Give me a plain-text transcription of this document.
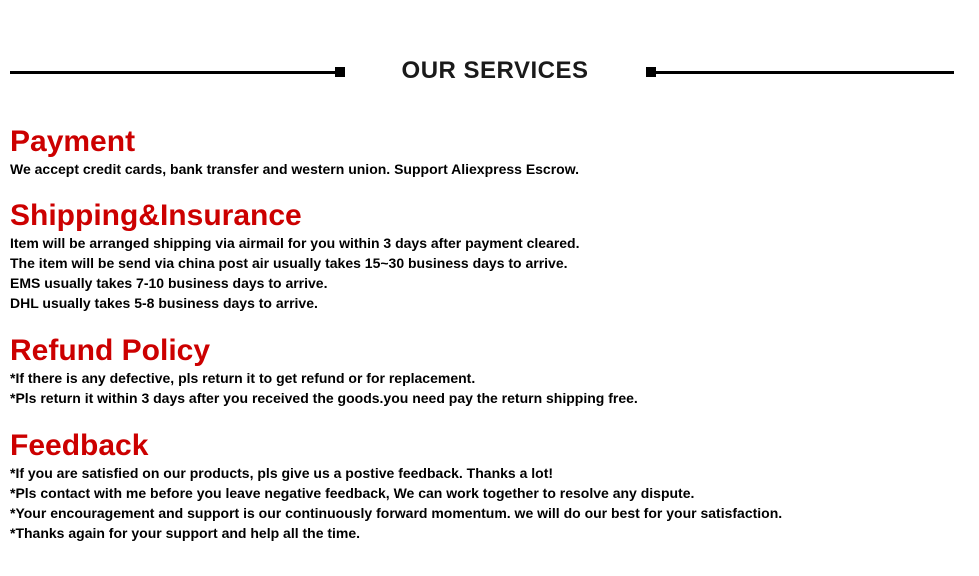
OUR SERVICES
Payment

We accept credit cards, bank transfer and western union. Support Aliexpress Escrow.

Shipping&Insurance

Item will be arranged shipping via airmail for you within 3 days after payment cleared.

The item will be send via china post air usually takes 15~30 business days to arrive.

EMS usually takes 7-10 business days to arrive.

DHL usually takes 5-8 business days to arrive.

Refund Policy

*If there is any defective, pls return it to get refund or for replacement.

*Pls return it within 3 days after you received the goods.you need pay the return shipping free.

Feedback

*If you are satisfied on our products, pls give us a postive feedback. Thanks a lot!

*Pls contact with me before you leave negative feedback, We can work together to resolve any dispute.

*Your encouragement and support is our continuously forward momentum. we will do our best for your satisfaction.

*Thanks again for your support and help all the time.
